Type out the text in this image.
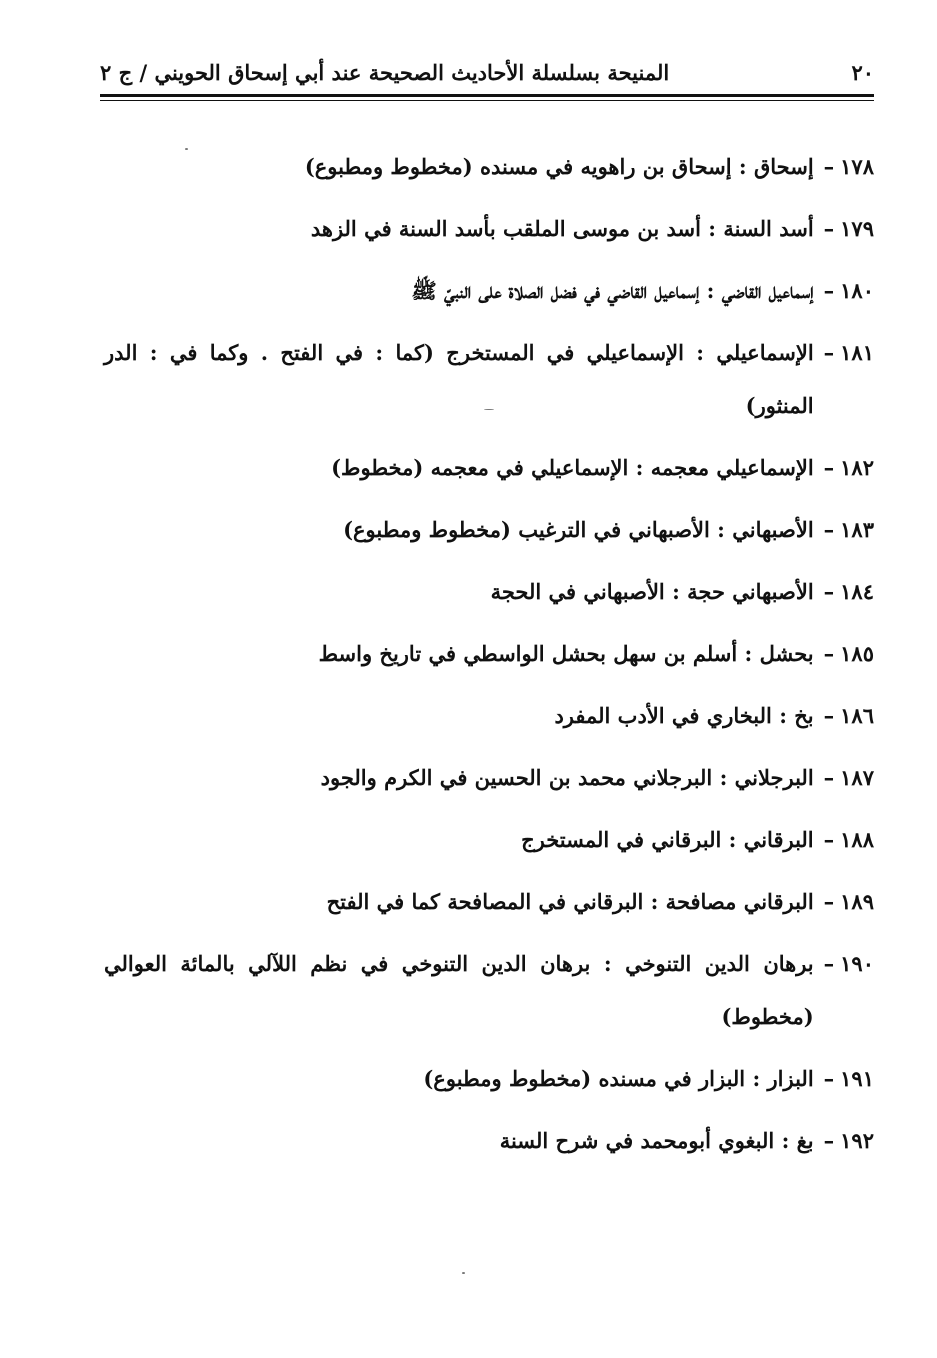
٢٠
المنيحة بسلسلة الأحاديث الصحيحة عند أبي إسحاق الحويني / ج ٢
١٧٨
–
إسحاق : إسحاق بن راهويه في مسنده (مخطوط ومطبوع)
١٧٩
–
أسد السنة : أسد بن موسى الملقب بأسد السنة في الزهد
١٨٠
–
إسماعيل القاضي : إسماعيل القاضي في فضل الصلاة على النبيّ ﷺ
١٨١
–
الإسماعيلي : الإسماعيلي في المستخرج (كما : في الفتح . وكما في : الدر المنثور)
١٨٢
–
الإسماعيلي معجمه : الإسماعيلي في معجمه (مخطوط)
١٨٣
–
الأصبهاني : الأصبهاني في الترغيب (مخطوط ومطبوع)
١٨٤
–
الأصبهاني حجة : الأصبهاني في الحجة
١٨٥
–
بحشل : أسلم بن سهل بحشل الواسطي في تاريخ واسط
١٨٦
–
بخ : البخاري في الأدب المفرد
١٨٧
–
البرجلاني : البرجلاني محمد بن الحسين في الكرم والجود
١٨٨
–
البرقاني : البرقاني في المستخرج
١٨٩
–
البرقاني مصافحة : البرقاني في المصافحة كما في الفتح
١٩٠
–
برهان الدين التنوخي : برهان الدين التنوخي في نظم اللآلي بالمائة العوالي (مخطوط)
١٩١
–
البزار : البزار في مسنده (مخطوط ومطبوع)
١٩٢
–
بغ : البغوي أبومحمد في شرح السنة
